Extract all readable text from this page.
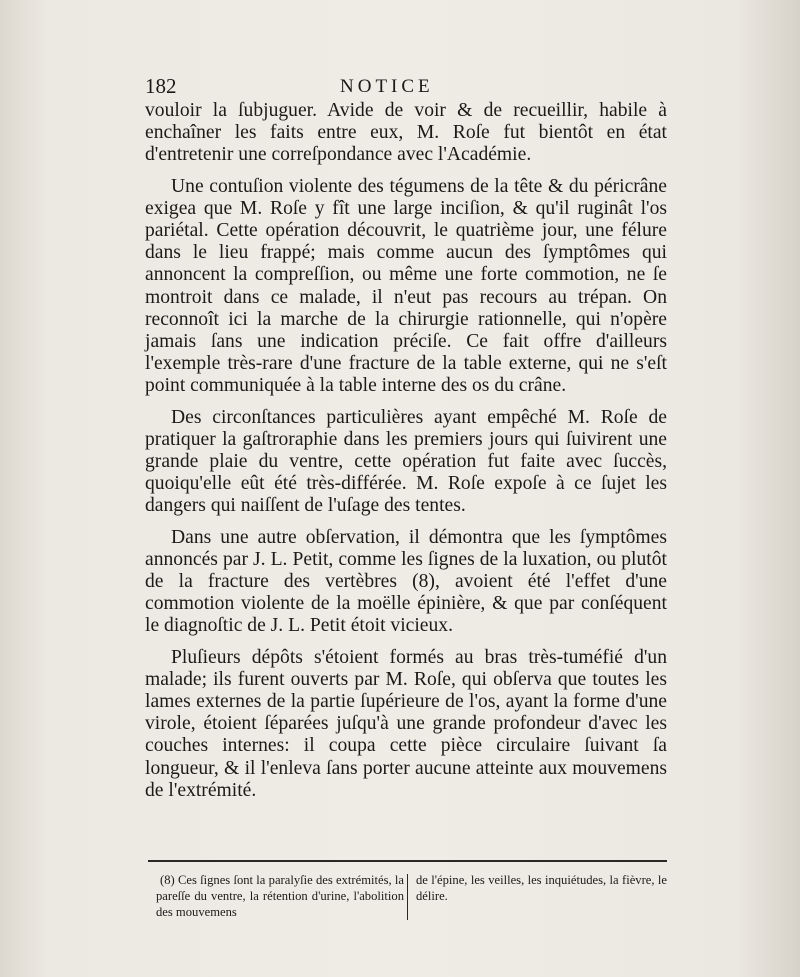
182	NOTICE

vouloir la ſubjuguer. Avide de voir & de recueillir, habile à enchaîner les faits entre eux, M. Roſe fut bientôt en état d'entretenir une correſpondance avec l'Académie.

Une contuſion violente des tégumens de la tête & du péricrâne exigea que M. Roſe y fît une large inciſion, & qu'il ruginât l'os pariétal. Cette opération découvrit, le quatrième jour, une félure dans le lieu frappé; mais comme aucun des ſymptômes qui annoncent la compreſſion, ou même une forte commotion, ne ſe montroit dans ce malade, il n'eut pas recours au trépan. On reconnoît ici la marche de la chirurgie rationnelle, qui n'opère jamais ſans une indication préciſe. Ce fait offre d'ailleurs l'exemple très-rare d'une fracture de la table externe, qui ne s'eſt point communiquée à la table interne des os du crâne.

Des circonſtances particulières ayant empêché M. Roſe de pratiquer la gaſtroraphie dans les premiers jours qui ſuivirent une grande plaie du ventre, cette opération fut faite avec ſuccès, quoiqu'elle eût été très-différée. M. Roſe expoſe à ce ſujet les dangers qui naiſſent de l'uſage des tentes.

Dans une autre obſervation, il démontra que les ſymptômes annoncés par J. L. Petit, comme les ſignes de la luxation, ou plutôt de la fracture des vertèbres (8), avoient été l'effet d'une commotion violente de la moëlle épinière, & que par conſéquent le diagnoſtic de J. L. Petit étoit vicieux.

Pluſieurs dépôts s'étoient formés au bras très-tuméfié d'un malade; ils furent ouverts par M. Roſe, qui obſerva que toutes les lames externes de la partie ſupérieure de l'os, ayant la forme d'une virole, étoient ſéparées juſqu'à une grande profondeur d'avec les couches internes: il coupa cette pièce circulaire ſuivant ſa longueur, & il l'enleva ſans porter aucune atteinte aux mouvemens de l'extrémité.

(8) Ces ſignes ſont la paralyſie des extrémités, la pareſſe du ventre, la rétention d'urine, l'abolition des mouvemens
de l'épine, les veilles, les inquiétudes, la fièvre, le délire.
